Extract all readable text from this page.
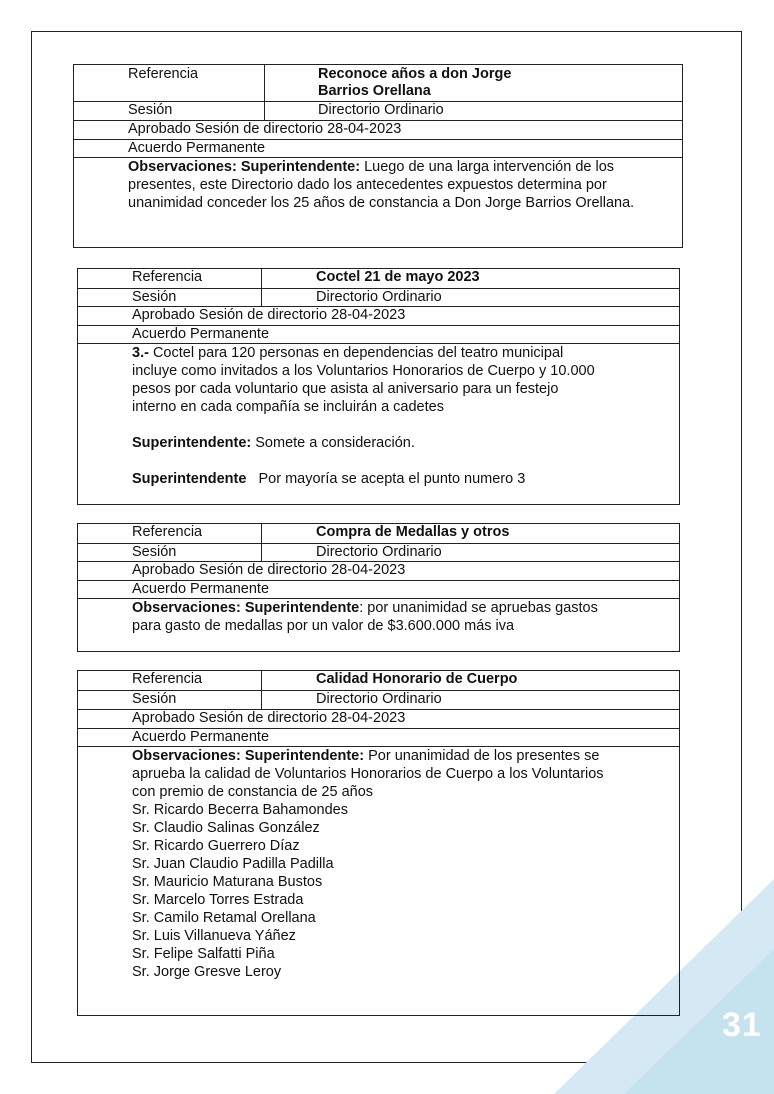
31
Referencia	Reconoce años a don Jorge Barrios Orellana
Sesión	Directorio Ordinario
Aprobado Sesión de directorio 28-04-2023
Acuerdo Permanente
Observaciones: Superintendente: Luego de una larga intervención de los presentes, este Directorio dado los antecedentes expuestos determina por unanimidad conceder los 25 años de constancia a Don Jorge Barrios Orellana.
Referencia	Coctel 21 de mayo 2023
Sesión	Directorio Ordinario
Aprobado Sesión de directorio 28-04-2023
Acuerdo Permanente

3.- Coctel para 120 personas en dependencias del teatro municipal incluye como invitados a los Voluntarios Honorarios de Cuerpo y 10.000 pesos por cada voluntario que asista al aniversario para un festejo interno en cada compañía se incluirán a cadetes

Superintendente: Somete a consideración.

Superintendente Por mayoría se acepta el punto numero 3

Referencia	Compra de Medallas y otros
Sesión	Directorio Ordinario
Aprobado Sesión de directorio 28-04-2023
Acuerdo Permanente
Observaciones: Superintendente: por unanimidad se apruebas gastos para gasto de medallas por un valor de $3.600.000 más iva
Referencia	Calidad Honorario de Cuerpo
Sesión	Directorio Ordinario
Aprobado Sesión de directorio 28-04-2023
Acuerdo Permanente

Observaciones: Superintendente: Por unanimidad de los presentes se aprueba la calidad de Voluntarios Honorarios de Cuerpo a los Voluntarios con premio de constancia de 25 años

Sr. Ricardo Becerra Bahamondes

Sr. Claudio Salinas González

Sr. Ricardo Guerrero Díaz

Sr. Juan Claudio Padilla Padilla

Sr. Mauricio Maturana Bustos

Sr. Marcelo Torres Estrada

Sr. Camilo Retamal Orellana

Sr. Luis Villanueva Yáñez

Sr. Felipe Salfatti Piña

Sr. Jorge Gresve Leroy
